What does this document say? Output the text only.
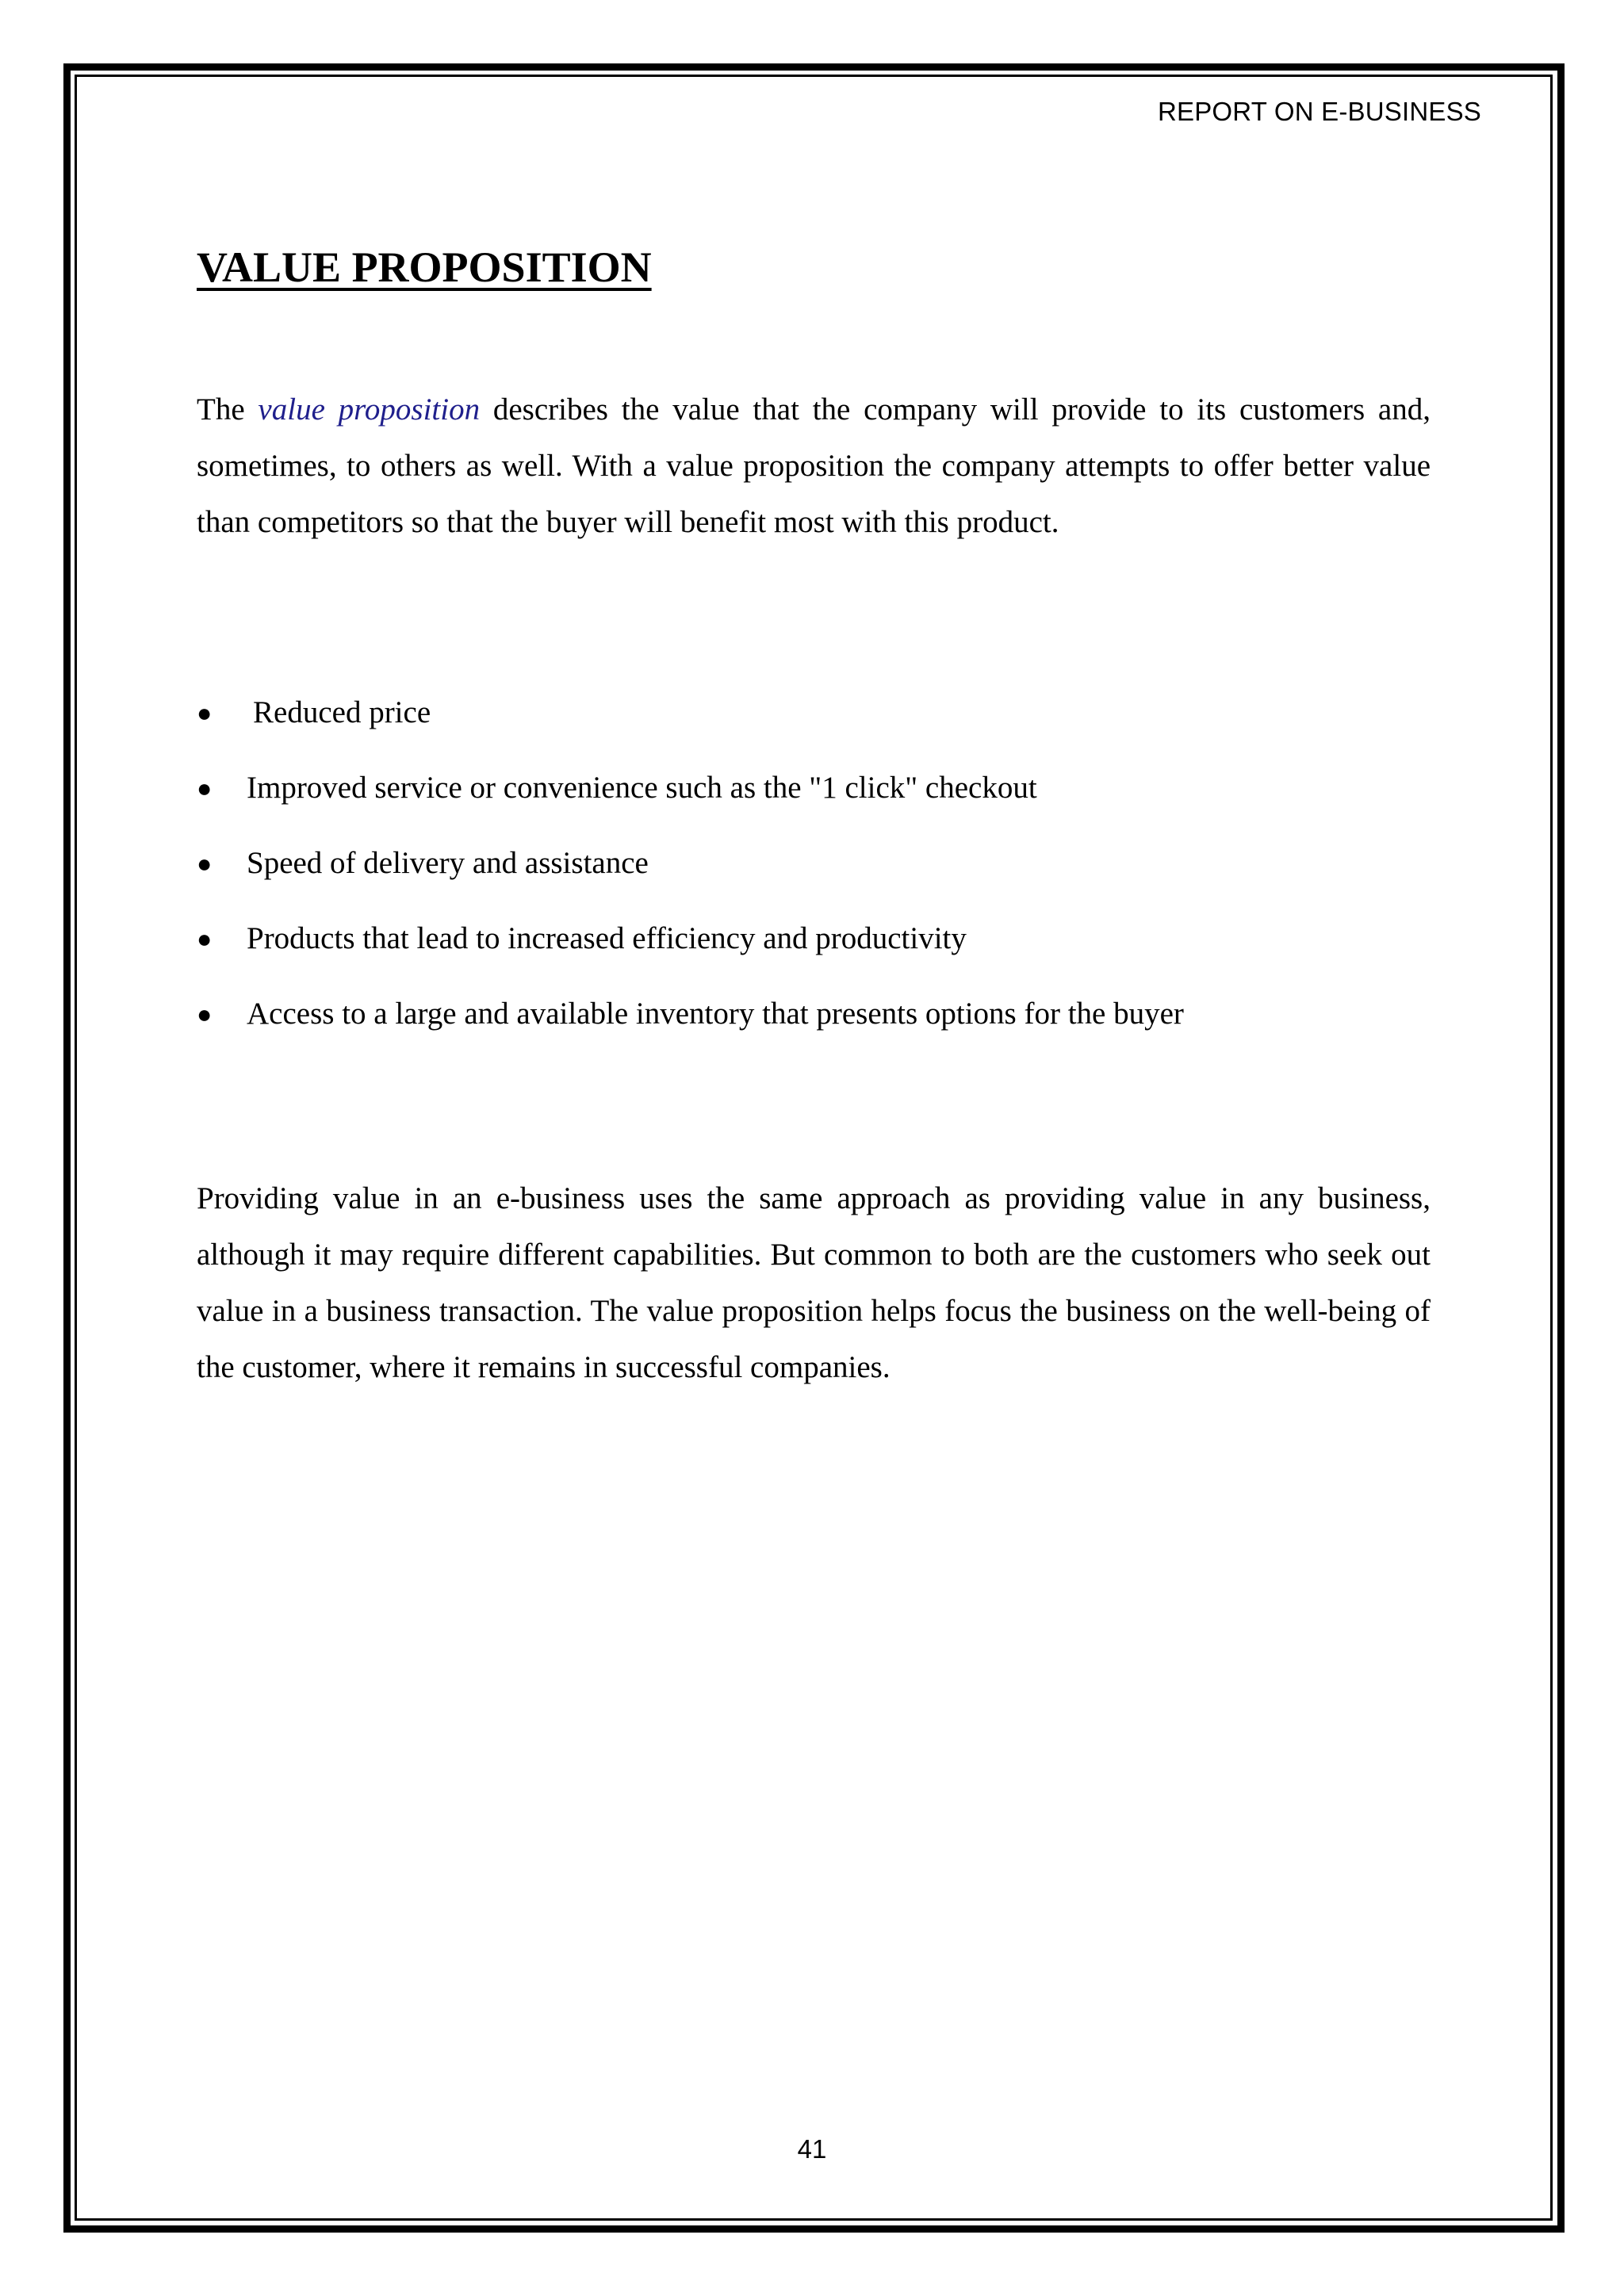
REPORT ON E-BUSINESS
VALUE PROPOSITION

The value proposition describes the value that the company will provide to its customers and, sometimes, to others as well. With a value proposition the company attempts to offer better value than competitors so that the buyer will benefit most with this product.

● Reduced price
● Improved service or convenience such as the "1 click" checkout
● Speed of delivery and assistance
● Products that lead to increased efficiency and productivity
● Access to a large and available inventory that presents options for the buyer

Providing value in an e-business uses the same approach as providing value in any business, although it may require different capabilities. But common to both are the customers who seek out value in a business transaction. The value proposition helps focus the business on the well-being of the customer, where it remains in successful companies.

41
